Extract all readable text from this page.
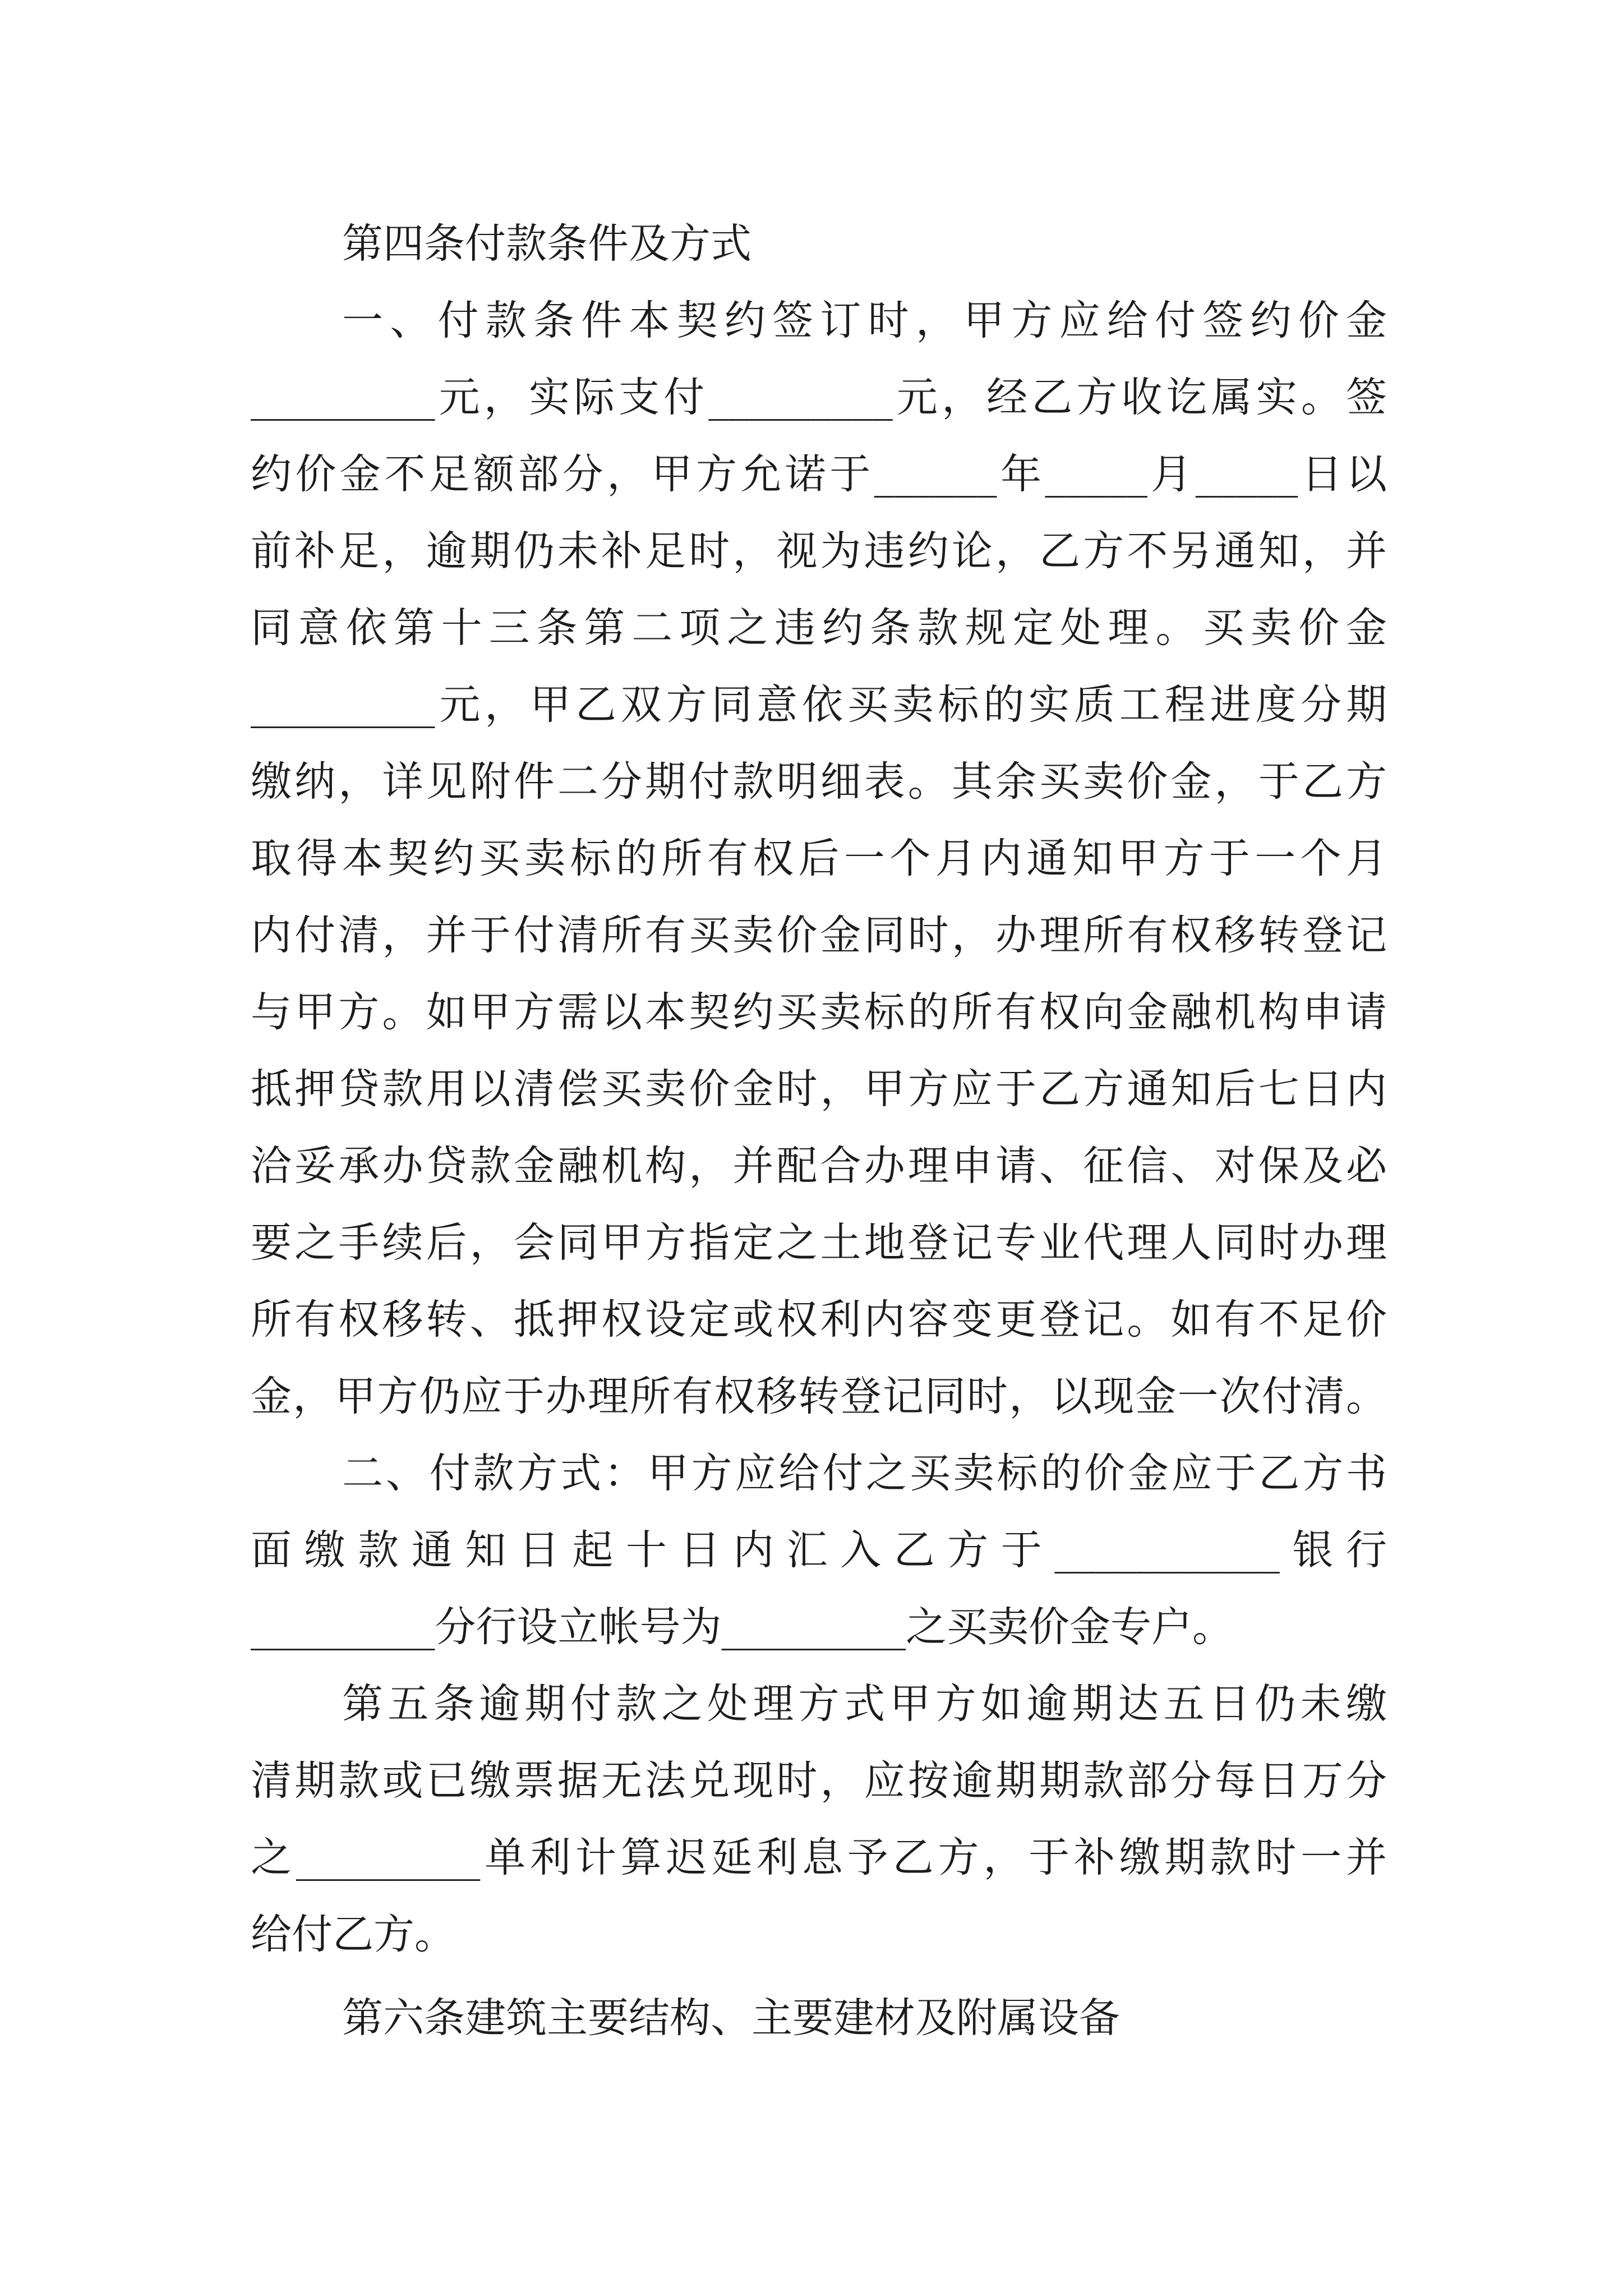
第四条付款条件及方式
一、付款条件本契约签订时，甲方应给付签约价金
_________元，实际支付_________元，经乙方收讫属实。签
约价金不足额部分，甲方允诺于______年_____月_____日以
前补足，逾期仍未补足时，视为违约论，乙方不另通知，并
同意依第十三条第二项之违约条款规定处理。买卖价金
_________元，甲乙双方同意依买卖标的实质工程进度分期
缴纳，详见附件二分期付款明细表。其余买卖价金，于乙方
取得本契约买卖标的所有权后一个月内通知甲方于一个月
内付清，并于付清所有买卖价金同时，办理所有权移转登记
与甲方。如甲方需以本契约买卖标的所有权向金融机构申请
抵押贷款用以清偿买卖价金时，甲方应于乙方通知后七日内
洽妥承办贷款金融机构，并配合办理申请、征信、对保及必
要之手续后，会同甲方指定之土地登记专业代理人同时办理
所有权移转、抵押权设定或权利内容变更登记。如有不足价
金，甲方仍应于办理所有权移转登记同时，以现金一次付清。
二、付款方式：甲方应给付之买卖标的价金应于乙方书
面缴款通知日起十日内汇入乙方于___________银行
_________分行设立帐号为_________之买卖价金专户。
第五条逾期付款之处理方式甲方如逾期达五日仍未缴
清期款或已缴票据无法兑现时，应按逾期期款部分每日万分
之_________单利计算迟延利息予乙方，于补缴期款时一并
给付乙方。
第六条建筑主要结构、主要建材及附属设备
